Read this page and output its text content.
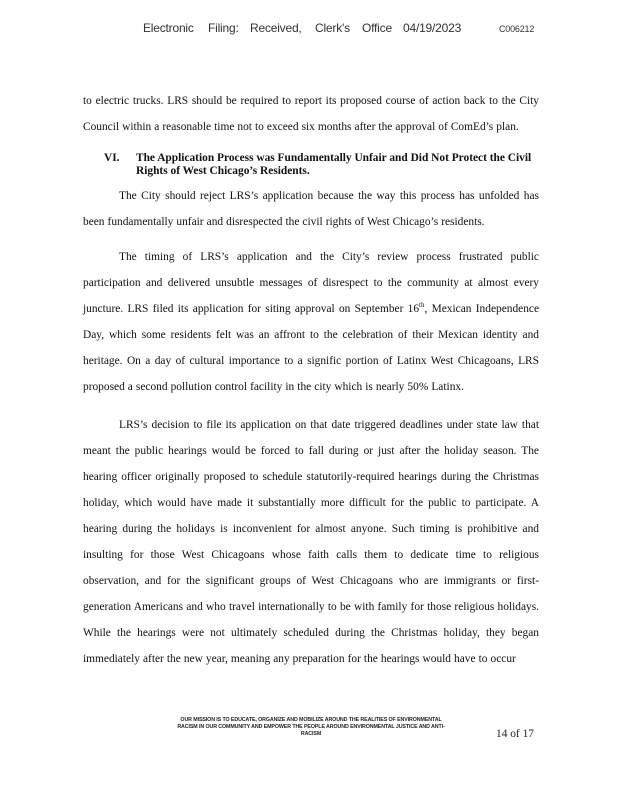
Electronic Filing: Received, Clerk's Office 04/19/2023	C006212

to electric trucks. LRS should be required to report its proposed course of action back to the City Council within a reasonable time not to exceed six months after the approval of ComEd’s plan.

VI. The Application Process was Fundamentally Unfair and Did Not Protect the Civil Rights of West Chicago’s Residents.

The City should reject LRS’s application because the way this process has unfolded has been fundamentally unfair and disrespected the civil rights of West Chicago’s residents.

The timing of LRS’s application and the City’s review process frustrated public participation and delivered unsubtle messages of disrespect to the community at almost every juncture. LRS filed its application for siting approval on September 16th, Mexican Independence Day, which some residents felt was an affront to the celebration of their Mexican identity and heritage. On a day of cultural importance to a signific portion of Latinx West Chicagoans, LRS proposed a second pollution control facility in the city which is nearly 50% Latinx.

LRS’s decision to file its application on that date triggered deadlines under state law that meant the public hearings would be forced to fall during or just after the holiday season. The hearing officer originally proposed to schedule statutorily-required hearings during the Christmas holiday, which would have made it substantially more difficult for the public to participate. A hearing during the holidays is inconvenient for almost anyone. Such timing is prohibitive and insulting for those West Chicagoans whose faith calls them to dedicate time to religious observation, and for the significant groups of West Chicagoans who are immigrants or first-generation Americans and who travel internationally to be with family for those religious holidays. While the hearings were not ultimately scheduled during the Christmas holiday, they began immediately after the new year, meaning any preparation for the hearings would have to occur

OUR MISSION IS TO EDUCATE, ORGANIZE AND MOBILIZE AROUND THE REALITIES OF ENVIRONMENTAL RACISM IN OUR COMMUNITY AND EMPOWER THE PEOPLE AROUND ENVIRONMENTAL JUSTICE AND ANTI-RACISM	14 of 17
